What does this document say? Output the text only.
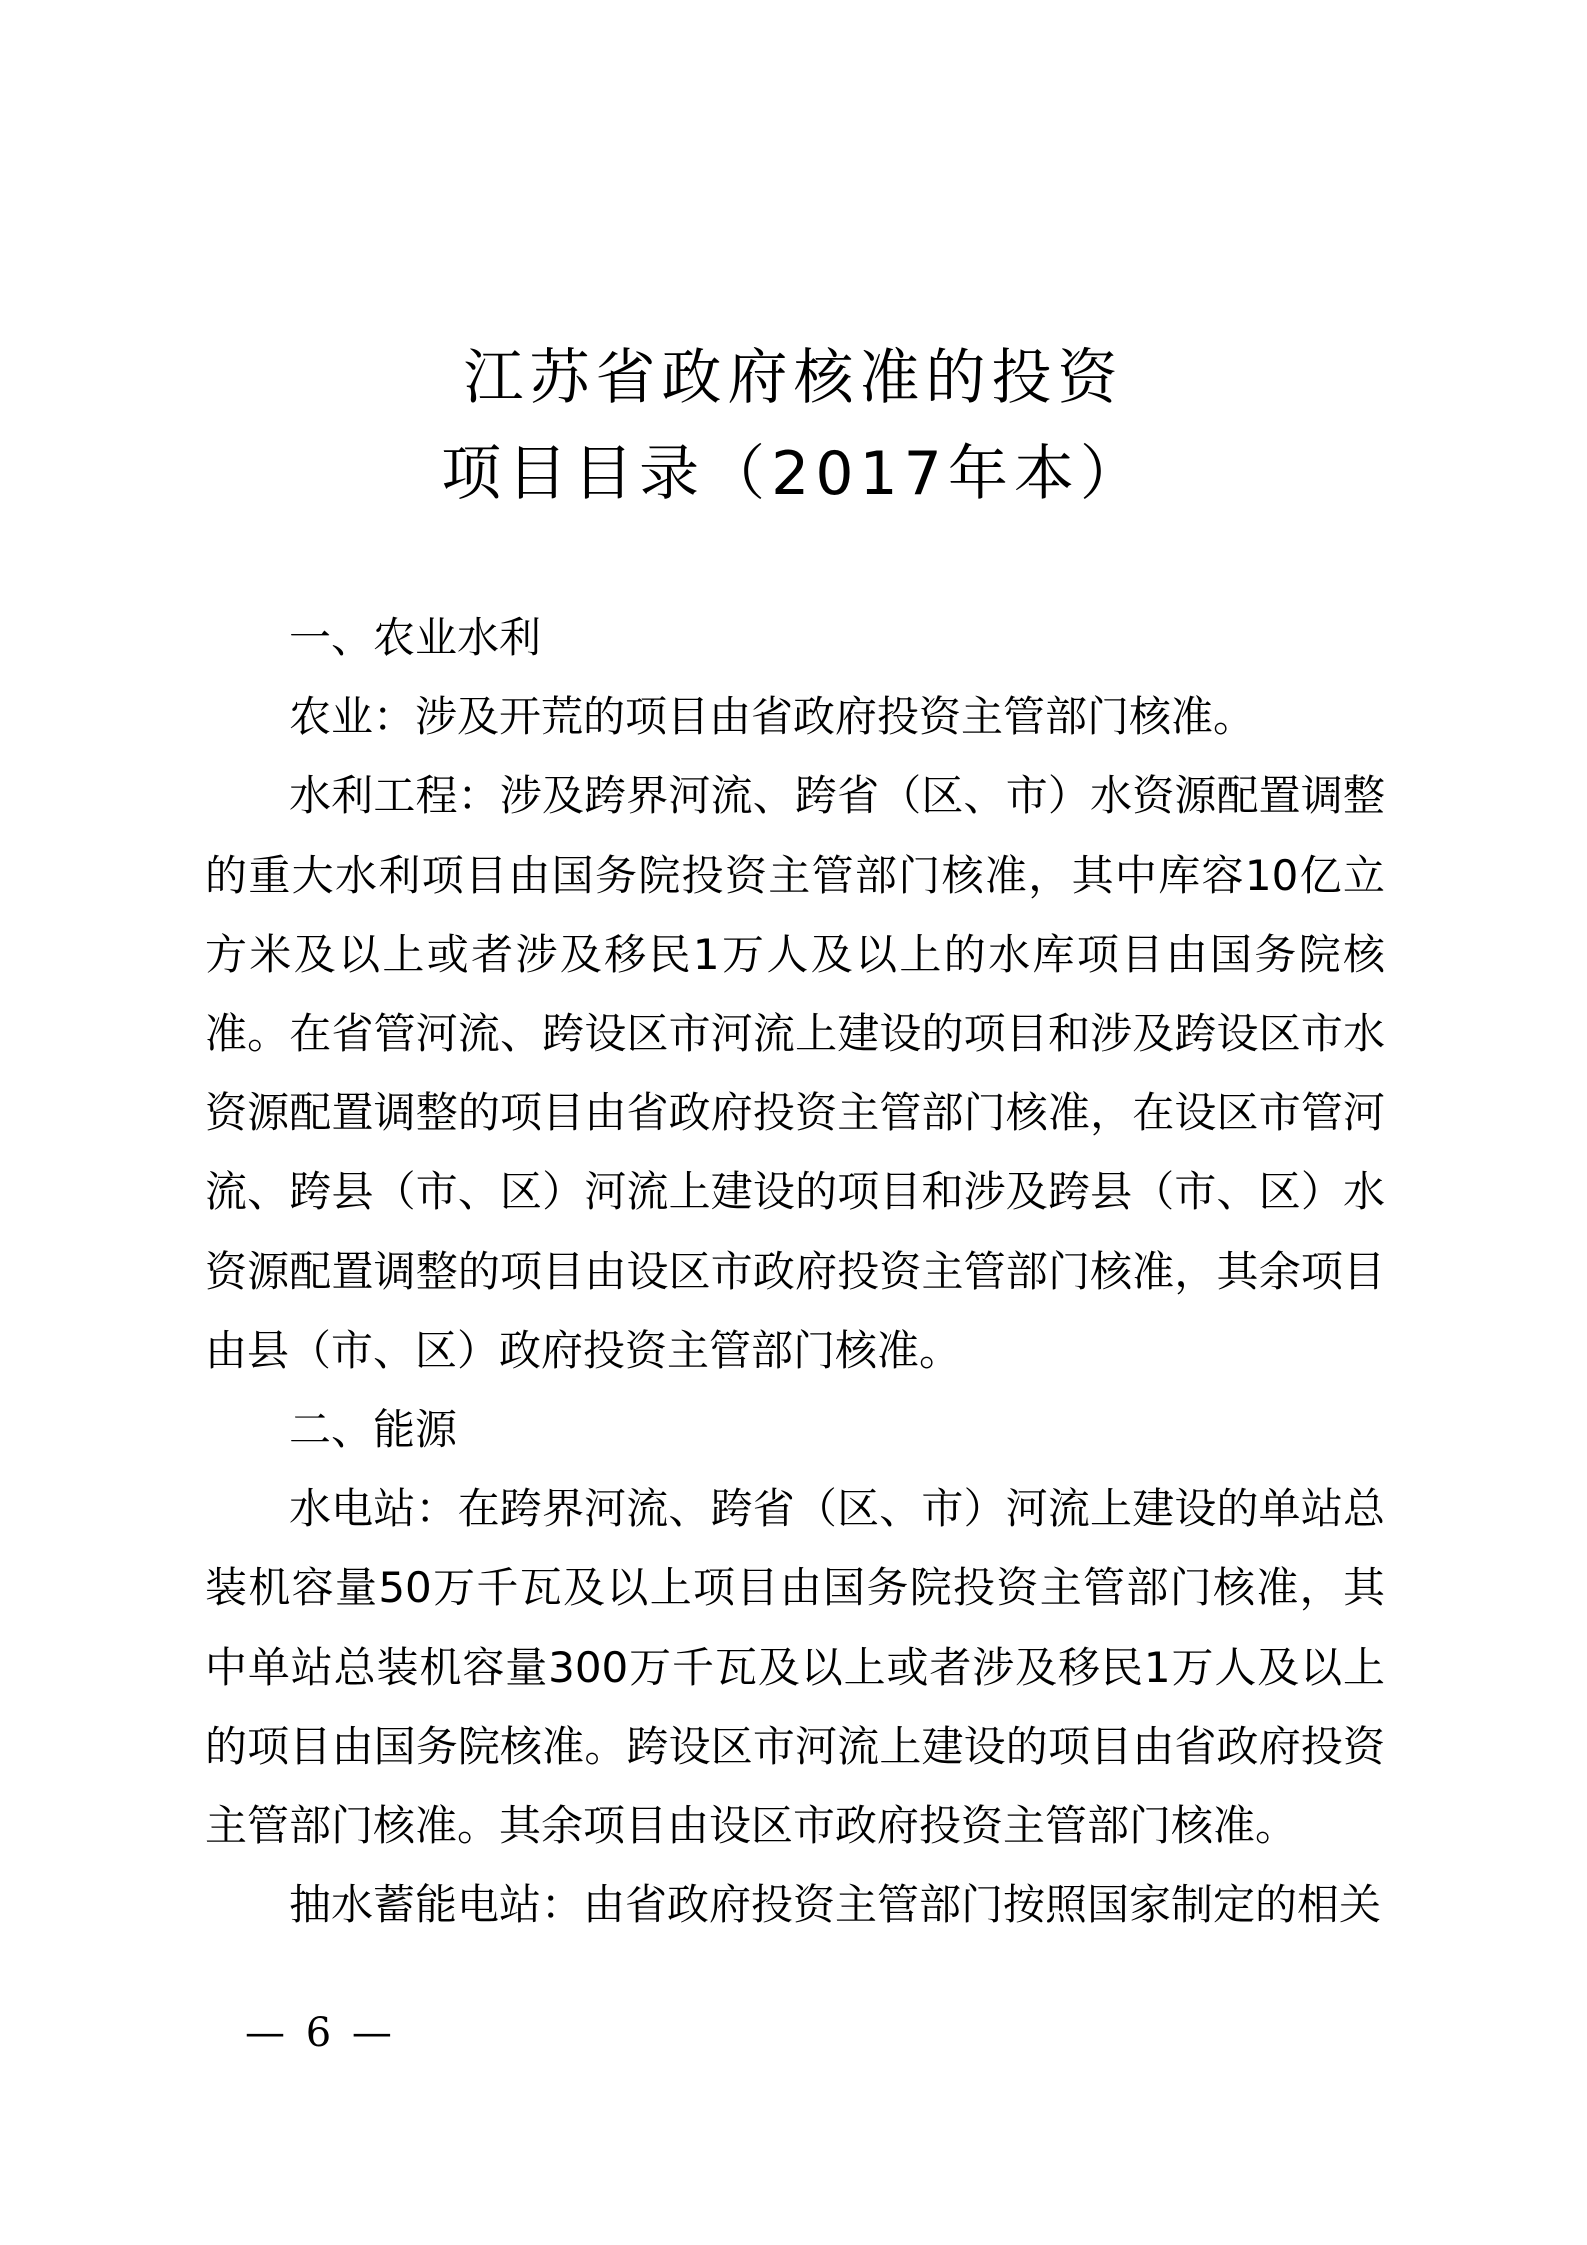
江苏省政府核准的投资
项目目录（2017年本）

一、农业水利

农业：涉及开荒的项目由省政府投资主管部门核准。

水利工程：涉及跨界河流、跨省（区、市）水资源配置调整的重大水利项目由国务院投资主管部门核准，其中库容10亿立方米及以上或者涉及移民1万人及以上的水库项目由国务院核准。在省管河流、跨设区市河流上建设的项目和涉及跨设区市水资源配置调整的项目由省政府投资主管部门核准，在设区市管河流、跨县（市、区）河流上建设的项目和涉及跨县（市、区）水资源配置调整的项目由设区市政府投资主管部门核准，其余项目由县（市、区）政府投资主管部门核准。

二、能源

水电站：在跨界河流、跨省（区、市）河流上建设的单站总装机容量50万千瓦及以上项目由国务院投资主管部门核准，其中单站总装机容量300万千瓦及以上或者涉及移民1万人及以上的项目由国务院核准。跨设区市河流上建设的项目由省政府投资主管部门核准。其余项目由设区市政府投资主管部门核准。

抽水蓄能电站：由省政府投资主管部门按照国家制定的相关

— 6 —
